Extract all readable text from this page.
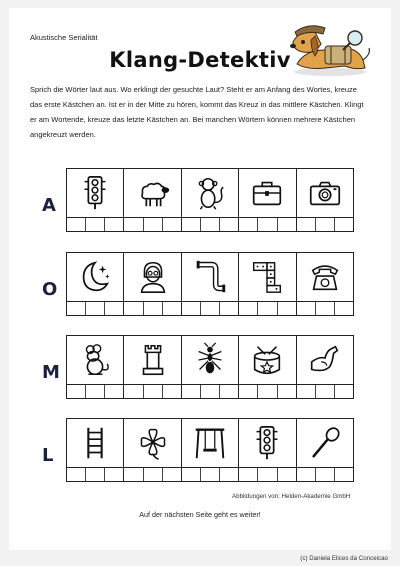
Akustische Serialität
Klang-Detektiv
Sprich die Wörter laut aus. Wo erklingt der gesuchte Laut? Steht er am Anfang des Wortes, kreuze das erste Kästchen an. Ist er in der Mitte zu hören, kommt das Kreuz in das mittlere Kästchen. Klingt er am Wortende, kreuze das letzte Kästchen an. Bei manchen Wörtern können mehrere Kästchen angekreuzt werden.
A
O
M
L
Abbildungen von: Helden-Akademie GmbH
Auf der nächsten Seite geht es weiter!
(c) Daniela Elices da Conceicao
